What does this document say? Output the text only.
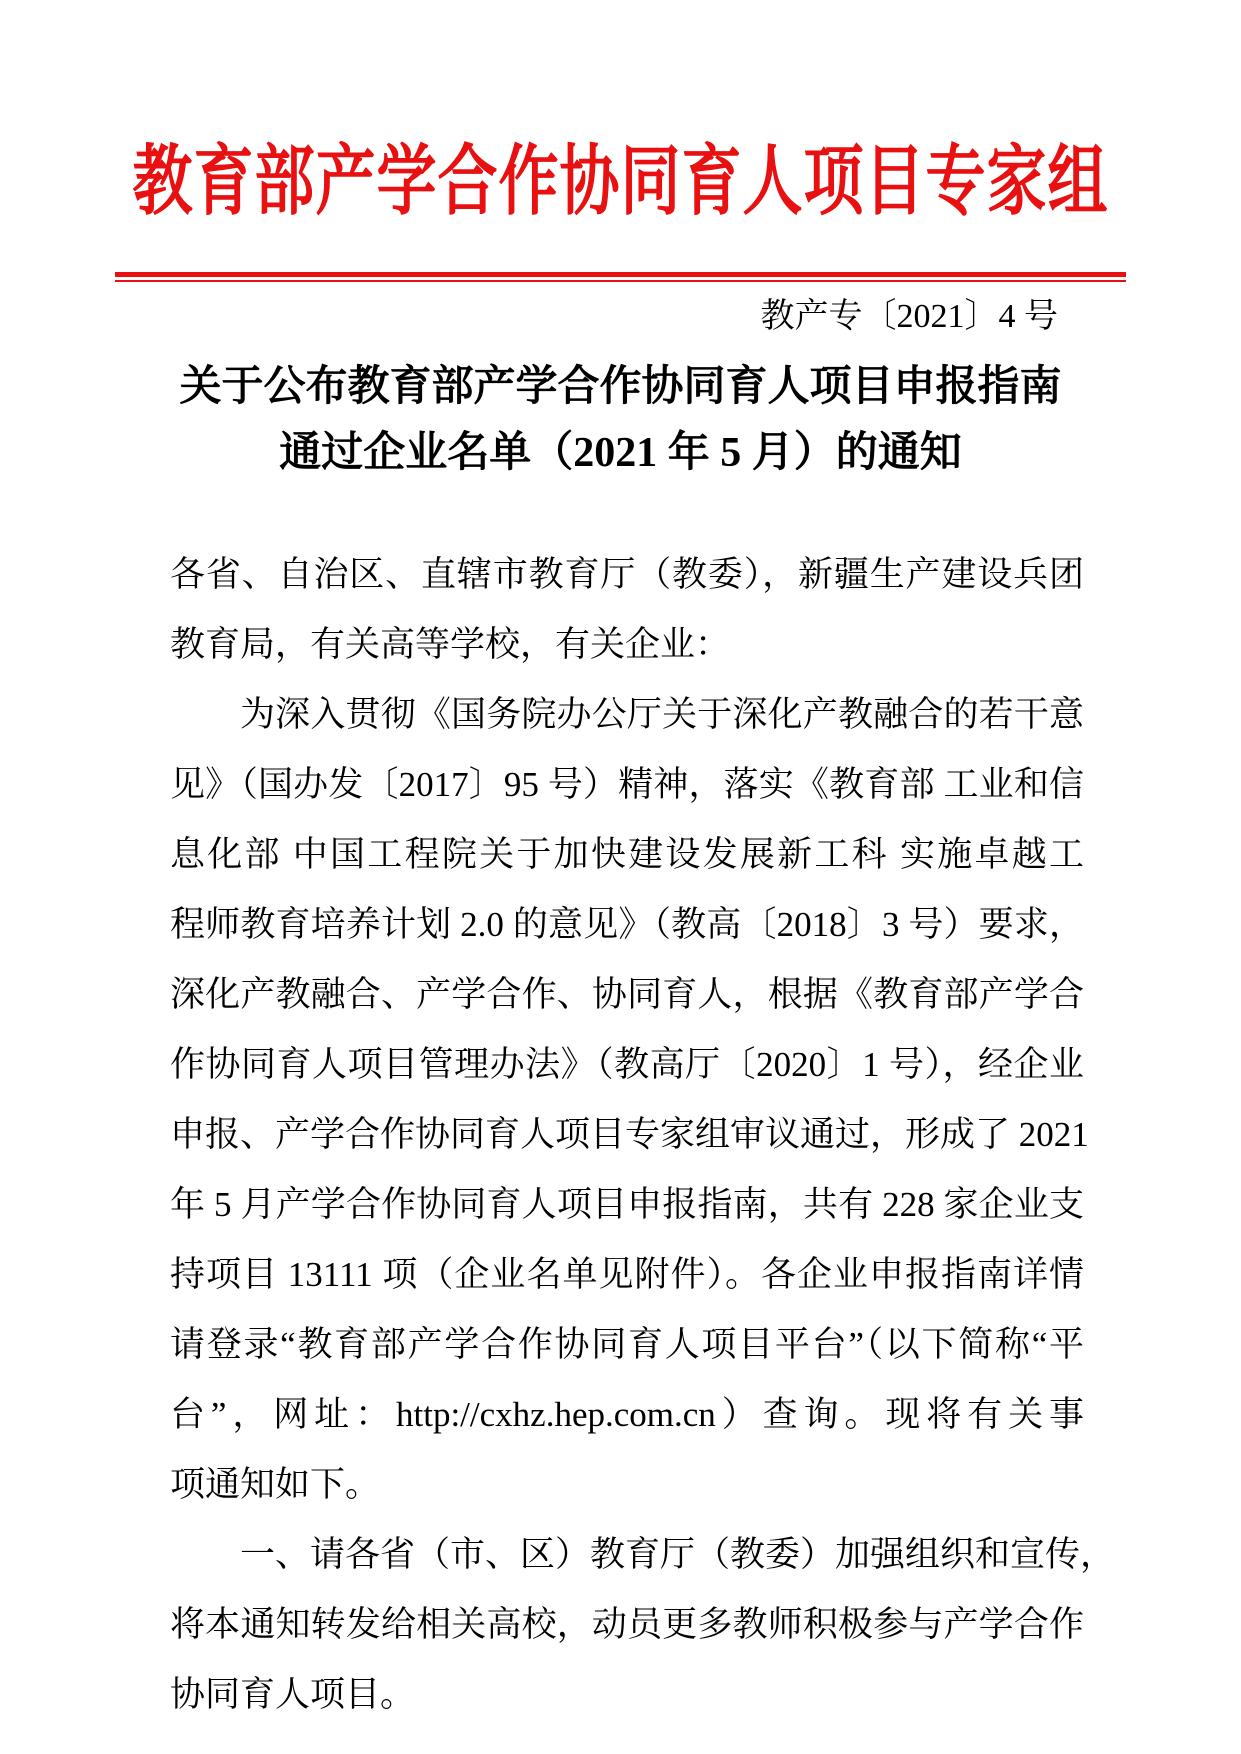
教育部产学合作协同育人项目专家组
教产专〔2021〕4 号
关于公布教育部产学合作协同育人项目申报指南
通过企业名单（2021 年 5 月）的通知

各省、自治区、直辖市教育厅（教委），新疆生产建设兵团

教育局，有关高等学校，有关企业：

为深入贯彻《国务院办公厅关于深化产教融合的若干意

见》（国办发〔2017〕95 号）精神，落实《教育部 工业和信

息化部 中国工程院关于加快建设发展新工科 实施卓越工

程师教育培养计划 2.0 的意见》（教高〔2018〕3 号）要求，

深化产教融合、产学合作、协同育人，根据《教育部产学合

作协同育人项目管理办法》（教高厅〔2020〕1 号），经企业

申报、产学合作协同育人项目专家组审议通过，形成了 2021

年 5 月产学合作协同育人项目申报指南，共有 228 家企业支

持项目 13111 项（企业名单见附件）。各企业申报指南详情

请登录“教育部产学合作协同育人项目平台”（以下简称“平

台”，网址：http://cxhz.hep.com.cn）查询。现将有关事

项通知如下。

一、请各省（市、区）教育厅（教委）加强组织和宣传，

将本通知转发给相关高校，动员更多教师积极参与产学合作

协同育人项目。
